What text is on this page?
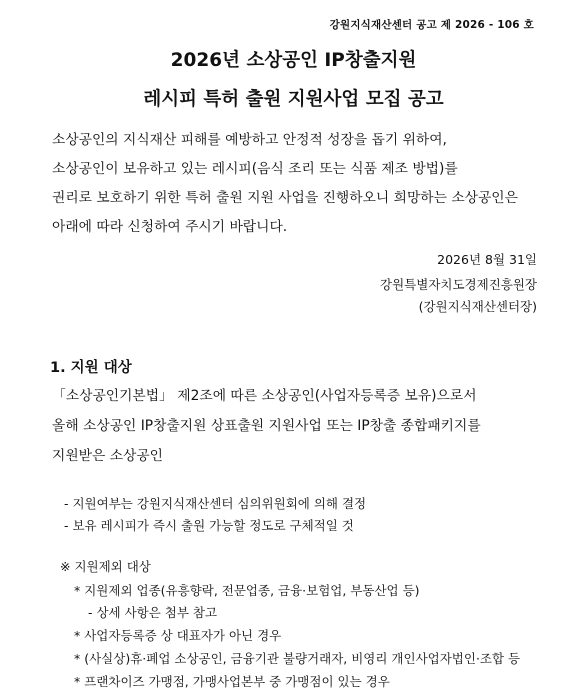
강원지식재산센터 공고 제 2026 - 106 호
2026년 소상공인 IP창출지원
레시피 특허 출원 지원사업 모집 공고
소상공인의 지식재산 피해를 예방하고 안정적 성장을 돕기 위하여,
소상공인이 보유하고 있는 레시피(음식 조리 또는 식품 제조 방법)를
권리로 보호하기 위한 특허 출원 지원 사업을 진행하오니 희망하는 소상공인은
아래에 따라 신청하여 주시기 바랍니다.
2026년 8월 31일
강원특별자치도경제진흥원장
(강원지식재산센터장)
1. 지원 대상
「소상공인기본법」 제2조에 따른 소상공인(사업자등록증 보유)으로서
올해 소상공인 IP창출지원 상표출원 지원사업 또는 IP창출 종합패키지를
지원받은 소상공인
- 지원여부는 강원지식재산센터 심의위원회에 의해 결정
- 보유 레시피가 즉시 출원 가능할 정도로 구체적일 것
※ 지원제외 대상
* 지원제외 업종(유흥향락, 전문업종, 금융·보험업, 부동산업 등)
- 상세 사항은 첨부 참고
* 사업자등록증 상 대표자가 아닌 경우
* (사실상)휴·폐업 소상공인, 금융기관 불량거래자, 비영리 개인사업자법인·조합 등
* 프랜차이즈 가맹점, 가맹사업본부 중 가맹점이 있는 경우
